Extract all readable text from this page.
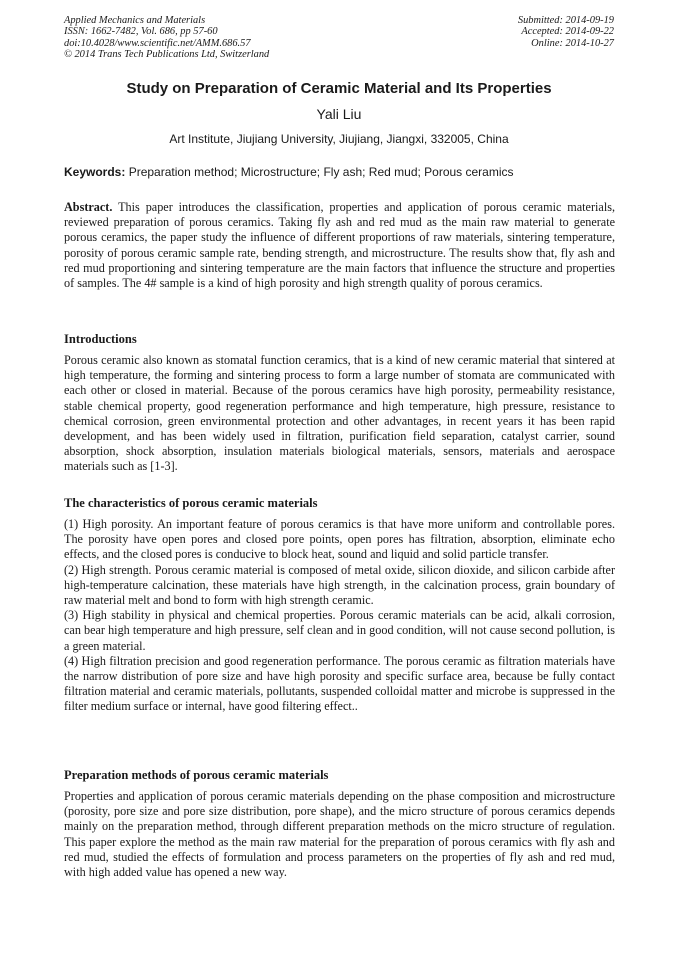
Applied Mechanics and Materials
ISSN: 1662-7482, Vol. 686, pp 57-60
doi:10.4028/www.scientific.net/AMM.686.57
© 2014 Trans Tech Publications Ltd, Switzerland
Submitted: 2014-09-19
Accepted: 2014-09-22
Online: 2014-10-27
Study on Preparation of Ceramic Material and Its Properties
Yali Liu
Art Institute, Jiujiang University, Jiujiang, Jiangxi, 332005, China
Keywords: Preparation method; Microstructure; Fly ash; Red mud; Porous ceramics

Abstract. This paper introduces the classification, properties and application of porous ceramic materials, reviewed preparation of porous ceramics. Taking fly ash and red mud as the main raw material to generate porous ceramics, the paper study the influence of different proportions of raw materials, sintering temperature, porosity of porous ceramic sample rate, bending strength, and microstructure. The results show that, fly ash and red mud proportioning and sintering temperature are the main factors that influence the structure and properties of samples. The 4# sample is a kind of high porosity and high strength quality of porous ceramics.

Introductions

Porous ceramic also known as stomatal function ceramics, that is a kind of new ceramic material that sintered at high temperature, the forming and sintering process to form a large number of stomata are communicated with each other or closed in material. Because of the porous ceramics have high porosity, permeability resistance, stable chemical property, good regeneration performance and high temperature, high pressure, resistance to chemical corrosion, green environmental protection and other advantages, in recent years it has been rapid development, and has been widely used in filtration, purification field separation, catalyst carrier, sound absorption, shock absorption, insulation materials biological materials, sensors, materials and aerospace materials such as [1-3].

The characteristics of porous ceramic materials

(1) High porosity. An important feature of porous ceramics is that have more uniform and controllable pores. The porosity have open pores and closed pore points, open pores has filtration, absorption, eliminate echo effects, and the closed pores is conducive to block heat, sound and liquid and solid particle transfer.

(2) High strength. Porous ceramic material is composed of metal oxide, silicon dioxide, and silicon carbide after high-temperature calcination, these materials have high strength, in the calcination process, grain boundary of raw material melt and bond to form with high strength ceramic.

(3) High stability in physical and chemical properties. Porous ceramic materials can be acid, alkali corrosion, can bear high temperature and high pressure, self clean and in good condition, will not cause second pollution, is a green material.

(4) High filtration precision and good regeneration performance. The porous ceramic as filtration materials have the narrow distribution of pore size and have high porosity and specific surface area, because be fully contact filtration material and ceramic materials, pollutants, suspended colloidal matter and microbe is suppressed in the filter medium surface or internal, have good filtering effect..

Preparation methods of porous ceramic materials

Properties and application of porous ceramic materials depending on the phase composition and microstructure (porosity, pore size and pore size distribution, pore shape), and the micro structure of porous ceramics depends mainly on the preparation method, through different preparation methods on the micro structure of regulation. This paper explore the method as the main raw material for the preparation of porous ceramics with fly ash and red mud, studied the effects of formulation and process parameters on the properties of fly ash and red mud, with high added value has opened a new way.
